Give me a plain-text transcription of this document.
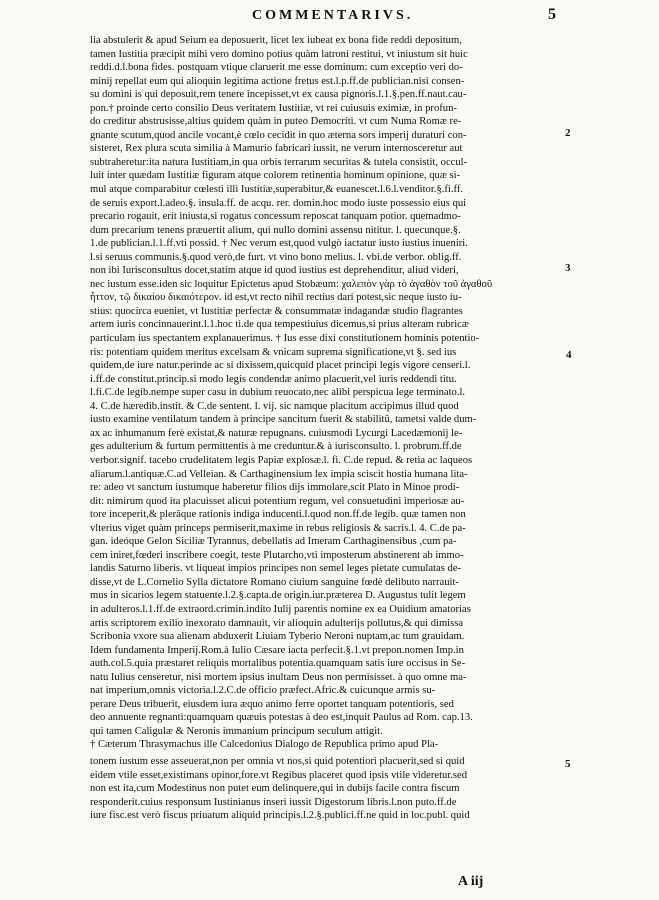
COMMENTARIVS.	5
lia abstulerit & apud Seium ea deposuerit, licet lex iubeat ex bona fide reddi depositum,
tamen Iustitia præcipit mihi vero domino potius quàm latroni restitui, vt iniustum sit huic
reddi.d.l.bona fides. postquam vtique claruerit me esse dominum: cum exceptio veri do-
minij repellat eum qui alioquin legitima actione fretus est.l.p.ff.de publician.nisi consen-
su domini is qui deposuit,rem tenere incepisset,vt ex causa pignoris.l.1.§.pen.ff.naut.cau-
pon.† proinde certo consilio Deus veritatem Iustitiæ, vt rei cuiusuis eximiæ, in profun-
do creditur abstrusisse,altius quidem quàm in puteo Democriti. vt cum Numa Romæ re-
gnante scutum,quod ancile vocant,è cœlo cecidit in quo æterna sors imperij duraturi con-
sisteret, Rex plura scuta similia à Mamurio fabricari iussit, ne verum internosceretur aut
subtraheretur:ita natura Iustitiam,in qua orbis terrarum securitas & tutela consistit, occul-
luit inter quædam Iustitiæ figuram atque colorem retinentia hominum opinione, quæ si-
mul atque comparabitur cœlesti illi Iustitiæ,superabitur,& euanescet.l.6.l.venditor.§.fi.ff.
de seruis export.l.adeo.§. insula.ff. de acqu. rer. domin.hoc modo iuste possessio eius qui
precario rogauit, erit iniusta,si rogatus concessum reposcat tanquam potior. quemadmo-
dum precarium tenens præuertit alium, qui nullo domini assensu nititur. l. quecunque.§.
1.de publician.l.1.ff.vti possid. † Nec verum est,quod vulgò iactatur iusto iustius inueniri.
l.si seruus communis.§.quod verò,de furt. vt vino bono melius. l. vbi.de verbor. oblig.ff.
non ibi Iurisconsultus docet,statim atque id quod iustius est deprehenditur, aliud videri,
nec iustum esse.iden sic loquitur Epictetus apud Stobæum: χαλεπὸν γὰρ τὸ ἀγαθὸν τοῦ ἀγαθοῦ
ἧττον, τῷ δικαίου δικαιότερον. id est,vt recto nihil rectius dari potest,sic neque iusto iu-
stius: quocirca eueniet, vt Iustitiæ perfectæ & consummatæ indagandæ studio flagrantes
artem iuris concinnauerint.l.1.hoc ti.de qua tempestiuius dicemus,si prius alteram rubricæ
particulam ius spectantem explanauerimus. † Ius esse dixi constitutionem hominis potentio-
ris: potentiam quidem meritus excelsam & vnicam suprema significatione,vt §. sed ius
quidem,de iure natur.perinde ac si dixissem,quicquid placet principi legis vigore censeri.l.
i.ff.de constitut.princip.si modo legis condendæ animo placuerit,vel iuris reddendi titu.
l.fi.C.de legib.nempe super casu in dubium reuocato,nec alibi perspicua lege terminato.l.
4. C.de hæredib.instit. & C.de sentent. l. vij. sic namque placitum accipimus illud quod
iusto examine ventilatum tandem à principe sancitum fuerit & stabilitû, tametsi valde dum-
ax ac inhumanum ferè existat,& naturæ repugnans. cuiusmodi Lycurgi Lacedæmonij le-
ges adulterium & furtum permittentis à me creduntur.& à iurisconsulto. l. probrum.ff.de
verbor.signif. tacebo crudelitatem legis Papiæ explosæ.l. fi. C.de repud. & retia ac laqueos
aliarum.l.antiquæ.C.ad Velleian. & Carthaginensium lex impia sciscit hostia humana lita-
re: adeo vt sanctum iustumque haberetur filios dijs immolare,scit Plato in Minoe prodi-
dit: nimirum quod ita placuisset alicui potentium regum, vel consuetudini imperiosæ au-
tore inceperit,& plerâque rationis indiga inducenti.l.quod non.ff.de legib. quæ tamen non
vlterius viget quàm princeps permiserit,maxime in rebus religiosis & sacris.l. 4. C.de pa-
gan. ideóque Gelon Siciliæ Tyrannus, debellatis ad Imeram Carthaginensibus ,cum pa-
cem iniret,fœderi inscribere coegit, teste Plutarcho,vti imposterum abstinerent ab immo-
landis Saturno liberis. vt liqueat impios principes non semel leges pietate cumulatas de-
disse,vt de L.Cornelio Sylla dictatore Romano ciuium sanguine fœdè delibuto narrauit-
mus in sicarios legem statuente.l.2.§.capta.de origin.iur.præterea D. Augustus tulit legem
in adulteros.l.1.ff.de extraord.crimin.indito Iulij parentis nomine ex ea Ouidium amatorias
artis scriptorem exilio inexorato damnauit, vir alioquin adulterijs pollutus,& qui dimissa
Scribonia vxore sua alienam abduxerit Liuiam Tyberio Neroni nuptam,ac tum grauidam.
Idem fundamenta Imperij.Rom.à Iulio Cæsare iacta perfecit.§.1.vt prepon.nomen Imp.in
auth.col.5.quia præstaret reliquis mortalibus potentia.quamquam satis iure occisus in Se-
natu Iulius censeretur, nisi mortem ipsius inultam Deus non permisisset. à quo omne ma-
nat imperium,omnis victoria.l.2.C.de officio præfect.Afric.& cuicunque armis su-
perare Deus tribuerit, eiusdem iura æquo animo ferre oportet tanquam potentioris, sed
deo annuente regnanti:quamquam quæuis potestas à deo est,inquit Paulus ad Rom. cap.13.
qui tamen Caligulæ & Neronis immanium principum seculum attigit.
† Cæterum Thrasymachus ille Calcedonius Dialogo de Republica primo apud Pla-
tonem iustum esse asseuerat,non per omnia vt nos,si quid potentiori placuerit,sed si quid
eidem vtile esset,existimans opinor,fore.vt Regibus placeret quod ipsis vtile videretur.sed
non est ita,cum Modestinus non putet eum delinquere,qui in dubijs facile contra fiscum
responderit.cuius responsum Iustinianus inseri iussit Digestorum libris.l.non puto.ff.de
iure fisc.est verò fiscus priuatum aliquid principis.l.2.§.publici.ff.ne quid in loc.publ. quid
2
3
4
5
A iij
